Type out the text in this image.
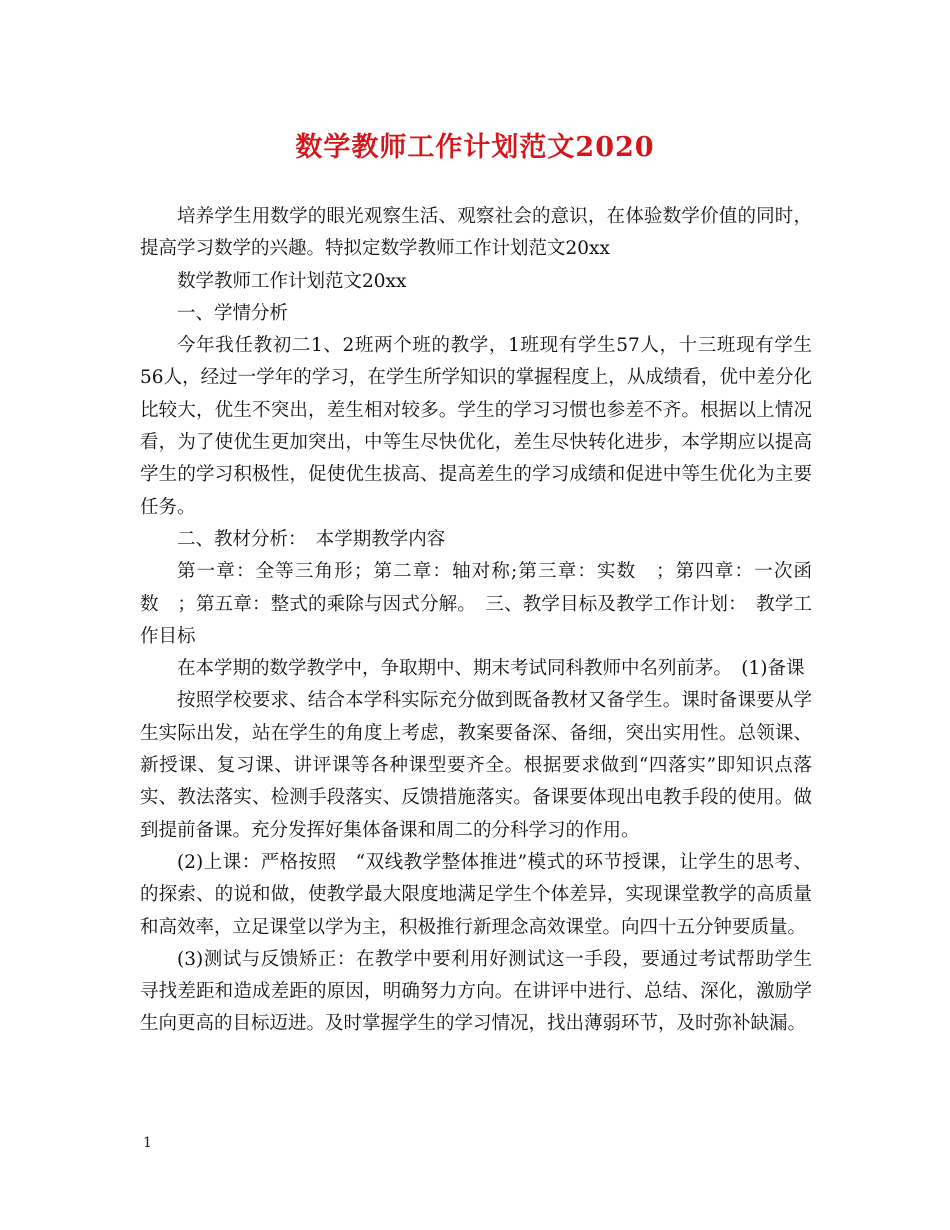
数学教师工作计划范文2020

培养学生用数学的眼光观察生活、观察社会的意识，在体验数学价值的同时，提高学习数学的兴趣。特拟定数学教师工作计划范文20xx

数学教师工作计划范文20xx

一、学情分析

今年我任教初二1、2班两个班的教学，1班现有学生57人，十三班现有学生56人，经过一学年的学习，在学生所学知识的掌握程度上，从成绩看，优中差分化比较大，优生不突出，差生相对较多。学生的学习习惯也参差不齐。根据以上情况看，为了使优生更加突出，中等生尽快优化，差生尽快转化进步，本学期应以提高学生的学习积极性，促使优生拔高、提高差生的学习成绩和促进中等生优化为主要任务。

二、教材分析：　本学期教学内容

第一章：全等三角形；第二章：轴对称;第三章：实数　；第四章：一次函数　；第五章：整式的乘除与因式分解。　三、教学目标及教学工作计划：　教学工作目标

在本学期的数学教学中，争取期中、期末考试同科教师中名列前茅。　(1)备课

按照学校要求、结合本学科实际充分做到既备教材又备学生。课时备课要从学生实际出发，站在学生的角度上考虑，教案要备深、备细，突出实用性。总领课、新授课、复习课、讲评课等各种课型要齐全。根据要求做到“四落实”即知识点落实、教法落实、检测手段落实、反馈措施落实。备课要体现出电教手段的使用。做到提前备课。充分发挥好集体备课和周二的分科学习的作用。

(2)上课：严格按照　“双线教学整体推进”模式的环节授课，让学生的思考、的探索、的说和做，使教学最大限度地满足学生个体差异，实现课堂教学的高质量和高效率，立足课堂以学为主，积极推行新理念高效课堂。向四十五分钟要质量。

(3)测试与反馈矫正：在教学中要利用好测试这一手段，要通过考试帮助学生寻找差距和造成差距的原因，明确努力方向。在讲评中进行、总结、深化，激励学生向更高的目标迈进。及时掌握学生的学习情况，找出薄弱环节，及时弥补缺漏。

1
